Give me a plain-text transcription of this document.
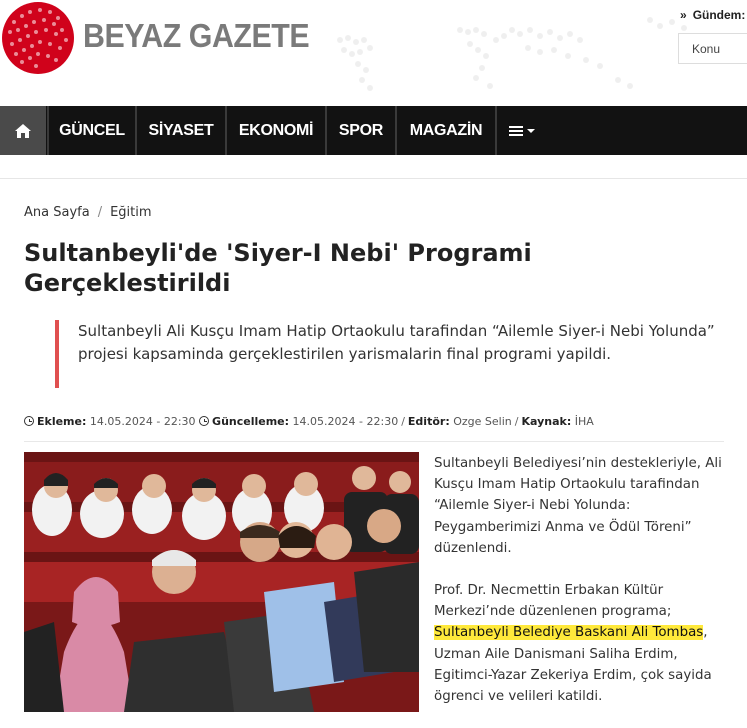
BEYAZ GAZETE
» Gündem:
Konu
GÜNCEL	SİYASET	EKONOMİ	SPOR	MAGAZİN
Ana Sayfa / Eğitim
Sultanbeyli'de 'Siyer-I Nebi' Programi Gerçeklestirildi
Sultanbeyli Ali Kusçu Imam Hatip Ortaokulu tarafindan “Ailemle Siyer-i Nebi Yolunda” projesi kapsaminda gerçeklestirilen yarismalarin final programi yapildi.
Ekleme: 14.05.2024 - 22:30 Güncelleme: 14.05.2024 - 22:30 / Editör: Ozge Selin / Kaynak: İHA

Sultanbeyli Belediyesi’nin destekleriyle, Ali Kusçu Imam Hatip Ortaokulu tarafindan “Ailemle Siyer-i Nebi Yolunda: Peygamberimizi Anma ve Ödül Töreni” düzenlendi.

Prof. Dr. Necmettin Erbakan Kültür Merkezi’nde düzenlenen programa; Sultanbeyli Belediye Baskani Ali Tombas, Uzman Aile Danismani Saliha Erdim, Egitimci-Yazar Zekeriya Erdim, çok sayida ögrenci ve velileri katildi.
